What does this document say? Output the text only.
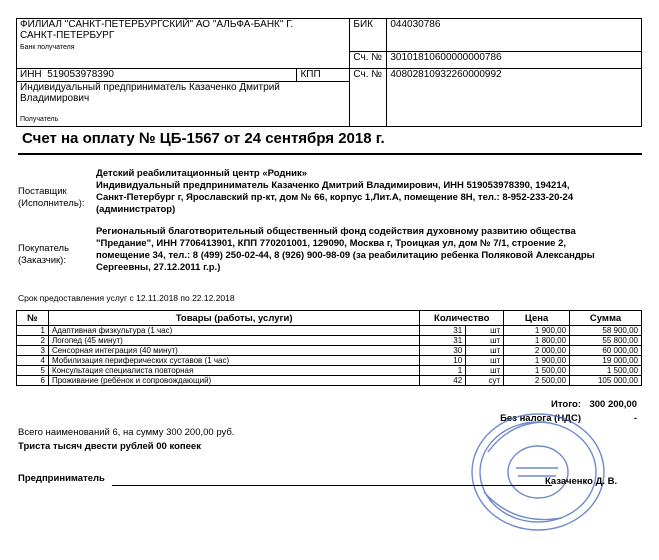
ФИЛИАЛ "САНКТ-ПЕТЕРБУРГСКИЙ" АО "АЛЬФА-БАНК" Г.
САНКТ-ПЕТЕРБУРГ
Банк получателя		БИК	044030786
		Сч. №	30101810600000000786
ИНН 519053978390	КПП	Сч. №	40802810932260000992

Индивидуальный предприниматель Казаченко Дмитрий
Владимирович
Получатель			
Счет на оплату № ЦБ-1567 от 24 сентября 2018 г.
Поставщик
(Исполнитель):
Детский реабилитационный центр «Родник»
Индивидуальный предприниматель Казаченко Дмитрий Владимирович, ИНН 519053978390, 194214,
Санкт-Петербург г, Ярославский пр-кт, дом № 66, корпус 1,Лит.А, помещение 8Н, тел.: 8-952-233-20-24
(администратор)
Покупатель
(Заказчик):
Региональный благотворительный общественный фонд содействия духовному развитию общества
"Предание", ИНН 7706413901, КПП 770201001, 129090, Москва г, Троицкая ул, дом № 7/1, строение 2,
помещение 34, тел.: 8 (499) 250-02-44, 8 (926) 900-98-09 (за реабилитацию ребенка Поляковой Александры
Сергеевны, 27.12.2011 г.р.)
Срок предоставления услуг с 12.11.2018 по 22.12.2018
№	Товары (работы, услуги)	Количество		Цена	Сумма
1	Адаптивная физкультура (1 час)	31	шт	1 900,00	58 900,00
2	Логопед (45 минут)	31	шт	1 800,00	55 800,00
3	Сенсорная интеграция (40 минут)	30	шт	2 000,00	60 000,00
4	Мобилизация периферических суставов (1 час)	10	шт	1 900,00	19 000,00
5	Консультация специалиста повторная	1	шт	1 500,00	1 500,00
6	Проживание (ребёнок и сопровождающий)	42	сут	2 500,00	105 000,00
Итого: 300 200,00
Без налога (НДС)	-
Всего наименований 6, на сумму 300 200,00 руб.
Триста тысяч двести рублей 00 копеек
Предприниматель	Казаченко Д. В.
